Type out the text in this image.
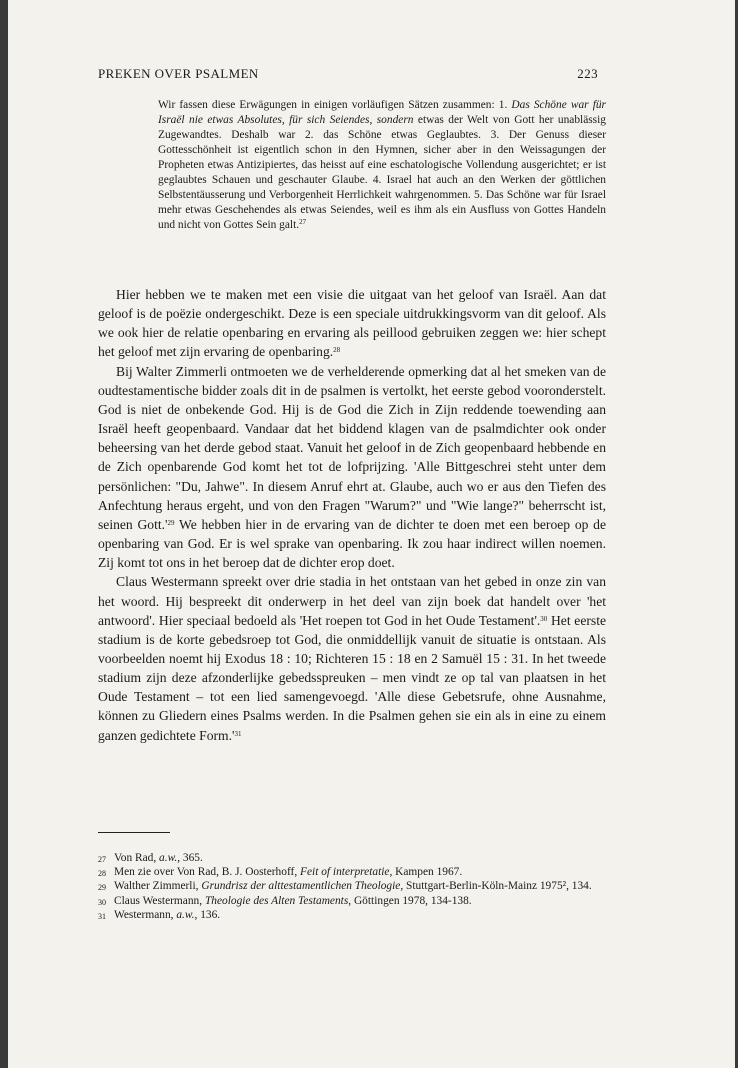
PREKEN OVER PSALMEN	223

Wir fassen diese Erwägungen in einigen vorläufigen Sätzen zusammen: 1. Das Schöne war für Israël nie etwas Absolutes, für sich Seiendes, sondern etwas der Welt von Gott her unablässig Zugewandtes. Deshalb war 2. das Schöne etwas Geglaubtes. 3. Der Genuss dieser Gottesschönheit ist eigentlich schon in den Hymnen, sicher aber in den Weissagungen der Propheten etwas Antizipiertes, das heisst auf eine eschatologische Vollendung ausgerichtet; er ist geglaubtes Schauen und geschauter Glaube. 4. Israel hat auch an den Werken der göttlichen Selbstentäusserung und Verborgenheit Herrlichkeit wahrgenommen. 5. Das Schöne war für Israel mehr etwas Geschehendes als etwas Seiendes, weil es ihm als ein Ausfluss von Gottes Handeln und nicht von Gottes Sein galt.$^{27}$

Hier hebben we te maken met een visie die uitgaat van het geloof van Israël. Aan dat geloof is de poëzie ondergeschikt. Deze is een speciale uitdrukkingsvorm van dit geloof. Als we ook hier de relatie openbaring en ervaring als peillood gebruiken zeggen we: hier schept het geloof met zijn ervaring de openbaring.$^{28}$

Bij Walter Zimmerli ontmoeten we de verhelderende opmerking dat al het smeken van de oudtestamentische bidder zoals dit in de psalmen is vertolkt, het eerste gebod vooronderstelt. God is niet de onbekende God. Hij is de God die Zich in Zijn reddende toewending aan Israël heeft geopenbaard. Vandaar dat het biddend klagen van de psalmdichter ook onder beheersing van het derde gebod staat. Vanuit het geloof in de Zich geopenbaard hebbende en de Zich openbarende God komt het tot de lofprijzing. 'Alle Bittgeschrei steht unter dem persönlichen: "Du, Jahwe". In diesem Anruf ehrt at. Glaube, auch wo er aus den Tiefen des Anfechtung heraus ergeht, und von den Fragen "Warum?" und "Wie lange?" beherrscht ist, seinen $Gott.'^{29}$ We hebben hier in de ervaring van de dichter te doen met een beroep op de openbaring van God. Er is wel sprake van openbaring. Ik zou haar indirect willen noemen. Zij komt tot ons in het beroep dat de dichter erop doet.

Claus Westermann spreekt over drie stadia in het ontstaan van het gebed in onze zin van het woord. Hij bespreekt dit onderwerp in het deel van zijn boek dat handelt over 'het antwoord'. Hier speciaal bedoeld als 'Het roepen tot God in het Oude Testament'.$^{30}$ Het eerste stadium is de korte gebedsroep tot God, die onmiddellijk vanuit de situatie is ontstaan. Als voorbeelden noemt hij Exodus 18 : 10; Richteren 15 : 18 en 2 Samuël 15 : 31. In het tweede stadium zijn deze afzonderlijke gebedsspreuken – men vindt ze op tal van plaatsen in het Oude Testament – tot een lied samengevoegd. 'Alle diese Gebetsrufe, ohne Ausnahme, können zu Gliedern eines Psalms werden. In die Psalmen gehen sie ein als in eine zu einem ganzen gedichtete $Form.'^{31}$

27 Von Rad, a.w., 365.
28 Men zie over Von Rad, B. J. Oosterhoff, Feit of interpretatie, Kampen 1967.
29 Walther Zimmerli, Grundrisz der alttestamentlichen Theologie, Stuttgart-Berlin-Köln-Mainz 1975², 134.
30 Claus Westermann, Theologie des Alten Testaments, Göttingen 1978, 134-138.
31 Westermann, a.w., 136.
